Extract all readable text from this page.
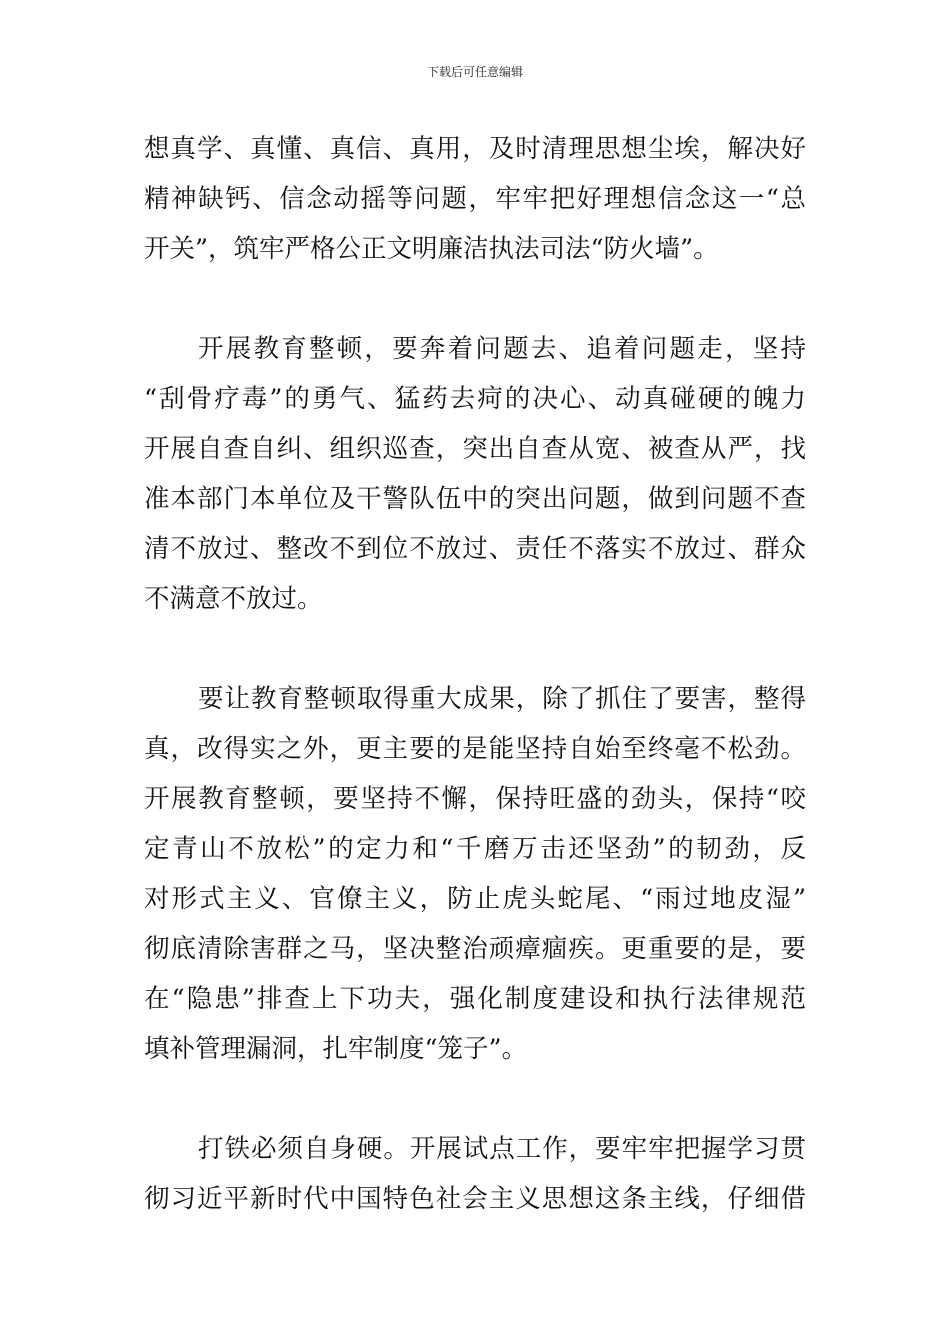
下载后可任意编辑
想真学、真懂、真信、真用，及时清理思想尘埃，解决好
精神缺钙、信念动摇等问题，牢牢把好理想信念这一“总
开关”，筑牢严格公正文明廉洁执法司法“防火墙”。
开展教育整顿，要奔着问题去、追着问题走，坚持
“刮骨疗毒”的勇气、猛药去疴的决心、动真碰硬的魄力
开展自查自纠、组织巡查，突出自查从宽、被查从严，找
准本部门本单位及干警队伍中的突出问题，做到问题不查
清不放过、整改不到位不放过、责任不落实不放过、群众
不满意不放过。
要让教育整顿取得重大成果，除了抓住了要害，整得
真，改得实之外，更主要的是能坚持自始至终毫不松劲。
开展教育整顿，要坚持不懈，保持旺盛的劲头，保持“咬
定青山不放松”的定力和“千磨万击还坚劲”的韧劲，反
对形式主义、官僚主义，防止虎头蛇尾、“雨过地皮湿”
彻底清除害群之马，坚决整治顽瘴痼疾。更重要的是，要
在“隐患”排查上下功夫，强化制度建设和执行法律规范
填补管理漏洞，扎牢制度“笼子”。
打铁必须自身硬。开展试点工作，要牢牢把握学习贯
彻习近平新时代中国特色社会主义思想这条主线，仔细借
